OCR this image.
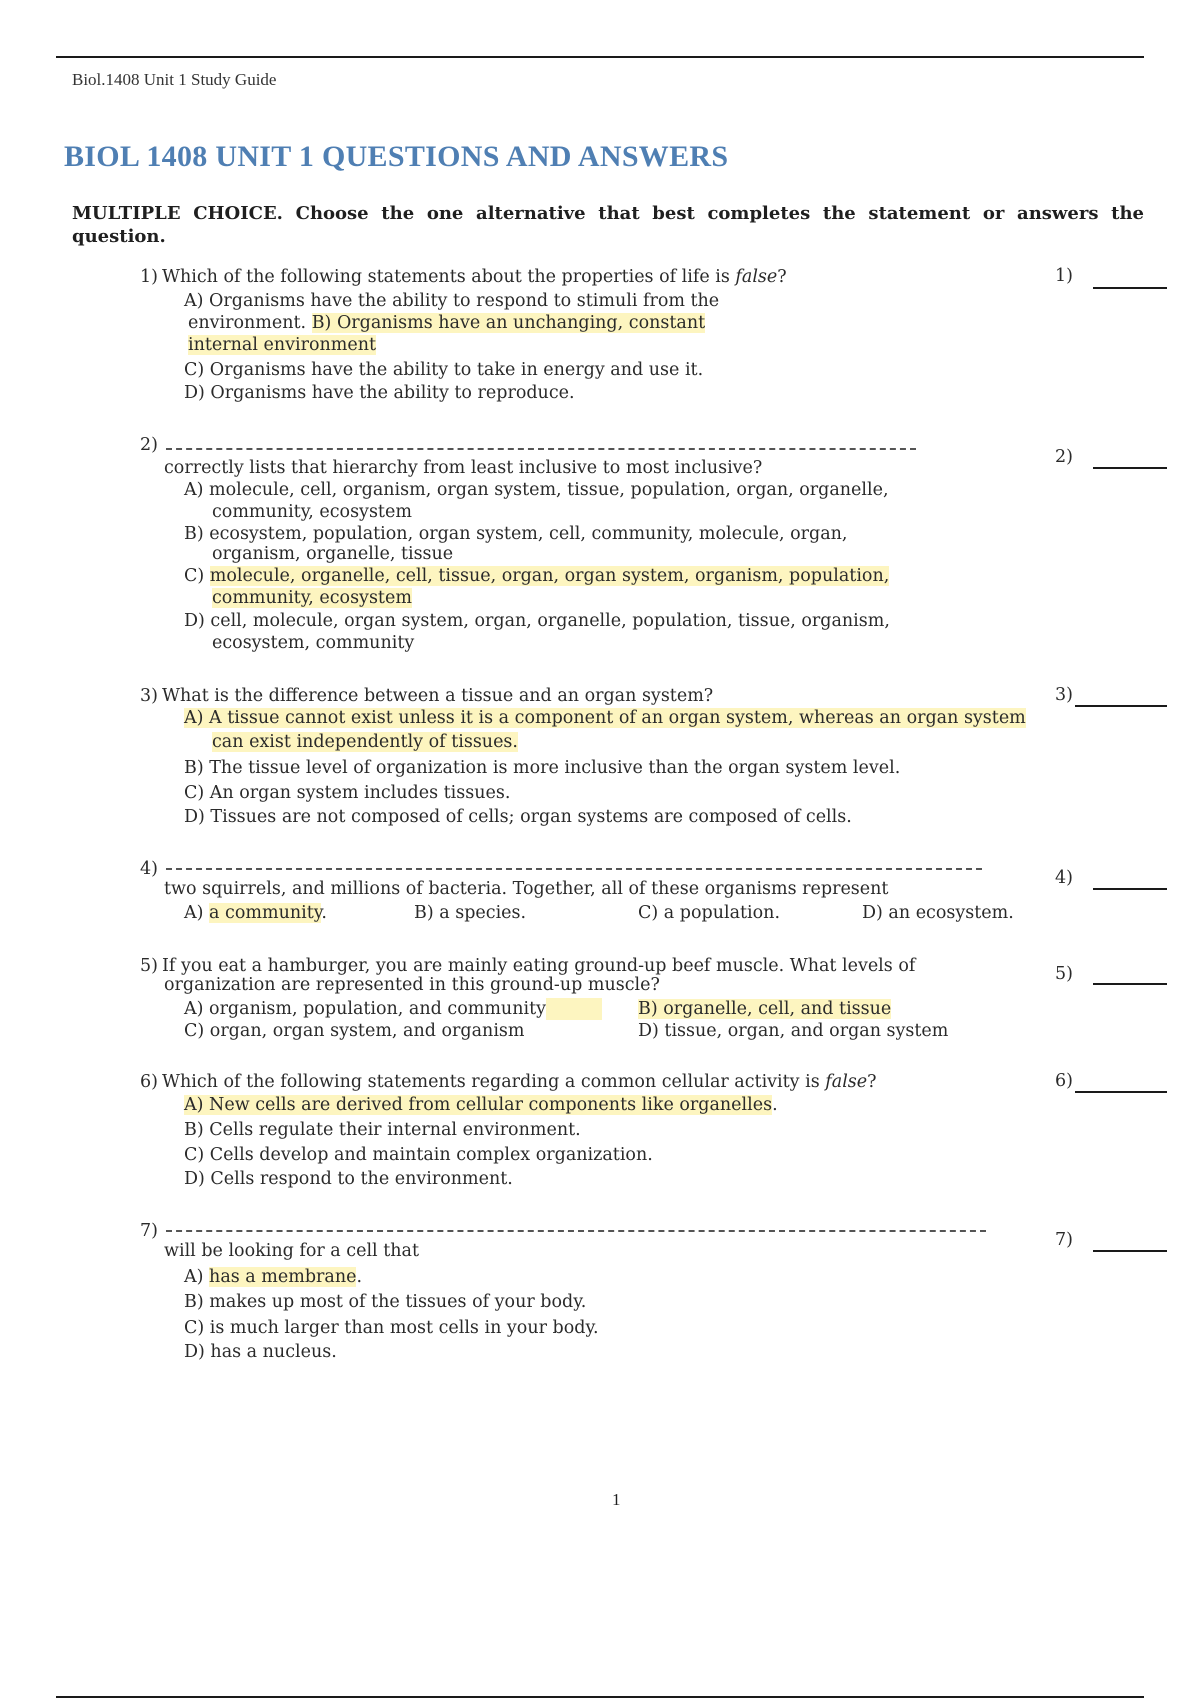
Biol.1408 Unit 1 Study Guide
BIOL 1408 UNIT 1 QUESTIONS AND ANSWERS
MULTIPLE CHOICE. Choose the one alternative that best completes the statement or answers the question.
1) Which of the following statements about the properties of life is false?	1)
A) Organisms have the ability to respond to stimuli from the
environment. B) Organisms have an unchanging, constant
internal environment
C) Organisms have the ability to take in energy and use it.
D) Organisms have the ability to reproduce.
2)
correctly lists that hierarchy from least inclusive to most inclusive?
2)
A) molecule, cell, organism, organ system, tissue, population, organ, organelle,
community, ecosystem
B) ecosystem, population, organ system, cell, community, molecule, organ,
organism, organelle, tissue
C) molecule, organelle, cell, tissue, organ, organ system, organism, population,
community, ecosystem
D) cell, molecule, organ system, organ, organelle, population, tissue, organism,
ecosystem, community
3) What is the difference between a tissue and an organ system?	3)
A) A tissue cannot exist unless it is a component of an organ system, whereas an organ system
can exist independently of tissues.
B) The tissue level of organization is more inclusive than the organ system level.
C) An organ system includes tissues.
D) Tissues are not composed of cells; organ systems are composed of cells.
4)
two squirrels, and millions of bacteria. Together, all of these organisms represent
4)
A) a community.	B) a species.	C) a population.	D) an ecosystem.
5) If you eat a hamburger, you are mainly eating ground-up beef muscle. What levels of
organization are represented in this ground-up muscle?
5)
A) organism, population, and community	B) organelle, cell, and tissue
C) organ, organ system, and organism	D) tissue, organ, and organ system
6) Which of the following statements regarding a common cellular activity is false?	6)
A) New cells are derived from cellular components like organelles.
B) Cells regulate their internal environment.
C) Cells develop and maintain complex organization.
D) Cells respond to the environment.
7)
will be looking for a cell that
7)
A) has a membrane.
B) makes up most of the tissues of your body.
C) is much larger than most cells in your body.
D) has a nucleus.
1
